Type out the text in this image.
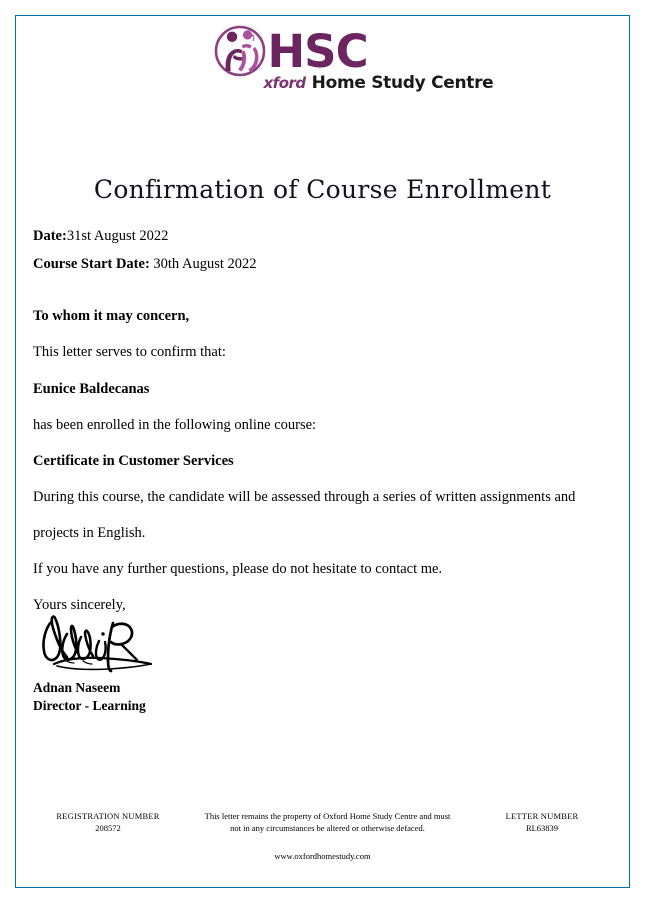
HSC
xford Home Study Centre
Confirmation of Course Enrollment
Date:31st August 2022
Course Start Date: 30th August 2022
To whom it may concern,
This letter serves to confirm that:
Eunice Baldecanas
has been enrolled in the following online course:
Certificate in Customer Services
During this course, the candidate will be assessed through a series of written assignments and
projects in English.
If you have any further questions, please do not hesitate to contact me.
Yours sincerely,
Adnan Naseem
Director - Learning
REGISTRATION NUMBER
208572
This letter remains the property of Oxford Home Study Centre and must
not in any circumstances be altered or otherwise defaced.
LETTER NUMBER
RL63839
www.oxfordhomestudy.com
